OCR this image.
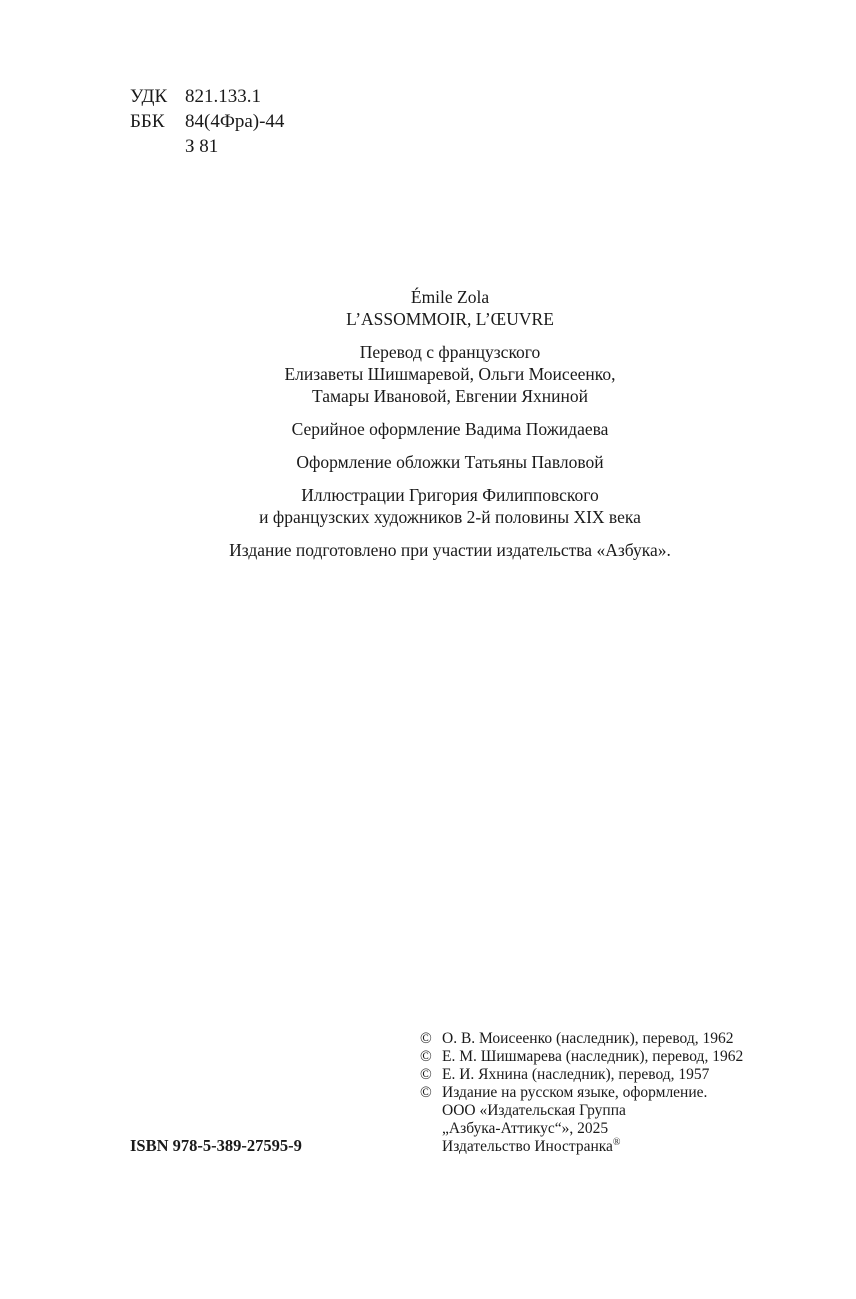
УДК 821.133.1
ББК	84(4Фра)-44
З 81
Émile Zola
L’ASSOMMOIR, L’ŒUVRE
Перевод с французского
Елизаветы Шишмаревой, Ольги Моисеенко,
Тамары Ивановой, Евгении Яхниной
Серийное оформление Вадима Пожидаева
Оформление обложки Татьяны Павловой
Иллюстрации Григория Филипповского
и французских художников 2-й половины XIX века
Издание подготовлено при участии издательства «Азбука».
ISBN 978-5-389-27595-9
© О. В. Моисеенко (наследник), перевод, 1962
© Е. М. Шишмарева (наследник), перевод, 1962
© Е. И. Яхнина (наследник), перевод, 1957
© Издание на русском языке, оформление.
ООО «Издательская Группа
„Азбука-Аттикус“», 2025
Издательство Иностранка®
